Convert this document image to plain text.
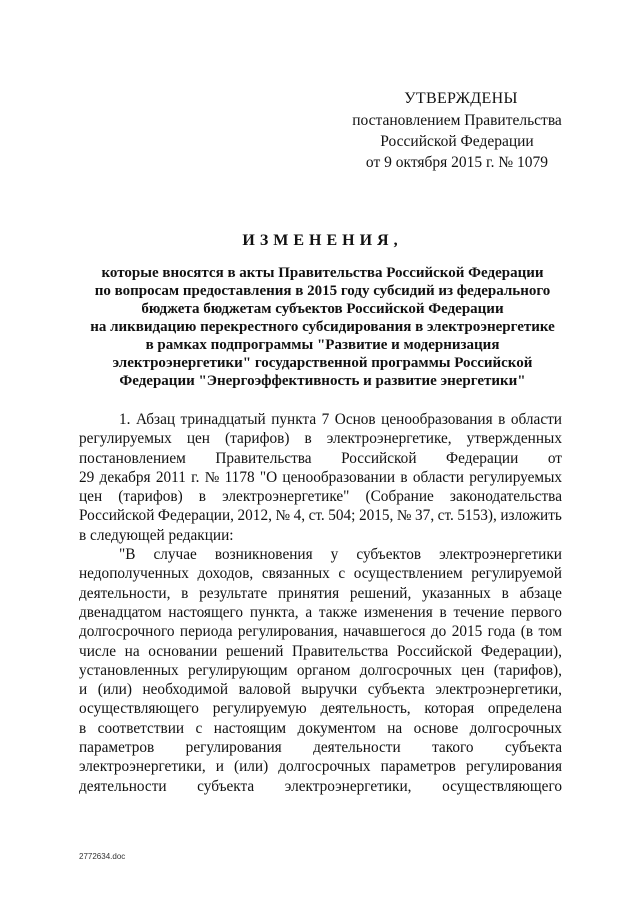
УТВЕРЖДЕНЫ
постановлением Правительства
Российской Федерации
от 9 октября 2015 г. № 1079
ИЗМЕНЕНИЯ,
которые вносятся в акты Правительства Российской Федерации
по вопросам предоставления в 2015 году субсидий из федерального
бюджета бюджетам субъектов Российской Федерации
на ликвидацию перекрестного субсидирования в электроэнергетике
в рамках подпрограммы "Развитие и модернизация
электроэнергетики" государственной программы Российской
Федерации "Энергоэффективность и развитие энергетики"
1. Абзац тринадцатый пункта 7 Основ ценообразования в области
регулируемых цен (тарифов) в электроэнергетике, утвержденных
постановлением Правительства Российской Федерации от
29 декабря 2011 г. № 1178 "О ценообразовании в области регулируемых
цен (тарифов) в электроэнергетике" (Собрание законодательства
Российской Федерации, 2012, № 4, ст. 504; 2015, № 37, ст. 5153), изложить
в следующей редакции:
"В случае возникновения у субъектов электроэнергетики
недополученных доходов, связанных с осуществлением регулируемой
деятельности, в результате принятия решений, указанных в абзаце
двенадцатом настоящего пункта, а также изменения в течение первого
долгосрочного периода регулирования, начавшегося до 2015 года (в том
числе на основании решений Правительства Российской Федерации),
установленных регулирующим органом долгосрочных цен (тарифов),
и (или) необходимой валовой выручки субъекта электроэнергетики,
осуществляющего регулируемую деятельность, которая определена
в соответствии с настоящим документом на основе долгосрочных
параметров регулирования деятельности такого субъекта
электроэнергетики, и (или) долгосрочных параметров регулирования
деятельности субъекта электроэнергетики, осуществляющего
2772634.doc
